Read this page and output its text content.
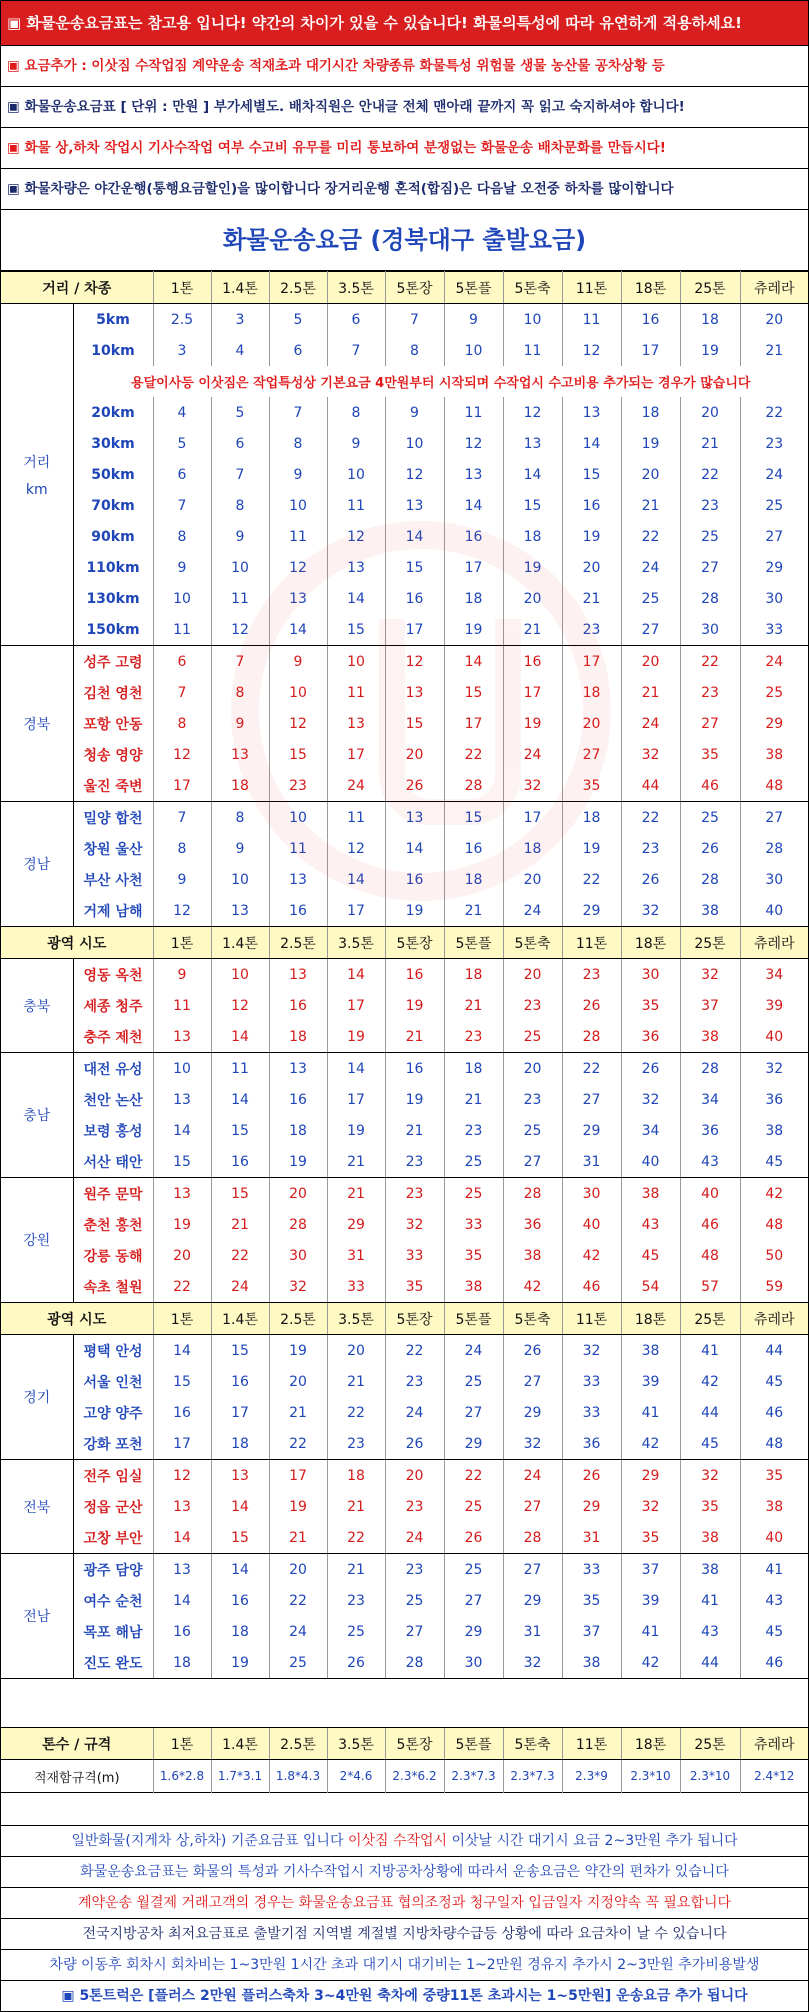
▣ 화물운송요금표는 참고용 입니다! 약간의 차이가 있을 수 있습니다! 화물의특성에 따라 유연하게 적용하세요!
▣ 요금추가 : 이삿짐 수작업짐 계약운송 적재초과 대기시간 차량종류 화물특성 위험물 생물 농산물 공차상황 등
▣ 화물운송요금표 [ 단위 : 만원 ] 부가세별도. 배차직원은 안내글 전체 맨아래 끝까지 꼭 읽고 숙지하셔야 합니다!
▣ 화물 상,하차 작업시 기사수작업 여부 수고비 유무를 미리 통보하여 분쟁없는 화물운송 배차문화를 만듭시다!
▣ 화물차량은 야간운행(통행요금할인)을 많이합니다 장거리운행 혼적(합짐)은 다음날 오전중 하차를 많이합니다
화물운송요금 (경북대구 출발요금)
거리 / 차종		1톤	1.4톤	2.5톤	3.5톤	5톤장	5톤플	5톤축	11톤	18톤	25톤	츄레라

거리
km	5km	2.5	3	5	6	7	9	10	11	16	18	20
	10km	3	4	6	7	8	10	11	12	17	19	21
	용달이사등 이삿짐은 작업특성상 기본요금 4만원부터 시작되며 수작업시 수고비용 추가되는 경우가 많습니다											
	20km	4	5	7	8	9	11	12	13	18	20	22
	30km	5	6	8	9	10	12	13	14	19	21	23
	50km	6	7	9	10	12	13	14	15	20	22	24
	70km	7	8	10	11	13	14	15	16	21	23	25
	90km	8	9	11	12	14	16	18	19	22	25	27
	110km	9	10	12	13	15	17	19	20	24	27	29
	130km	10	11	13	14	16	18	20	21	25	28	30
	150km	11	12	14	15	17	19	21	23	27	30	33
경북	성주 고령	6	7	9	10	12	14	16	17	20	22	24
	김천 영천	7	8	10	11	13	15	17	18	21	23	25
	포항 안동	8	9	12	13	15	17	19	20	24	27	29
	청송 영양	12	13	15	17	20	22	24	27	32	35	38
	울진 죽변	17	18	23	24	26	28	32	35	44	46	48
경남	밀양 합천	7	8	10	11	13	15	17	18	22	25	27
	창원 울산	8	9	11	12	14	16	18	19	23	26	28
	부산 사천	9	10	13	14	16	18	20	22	26	28	30
	거제 남해	12	13	16	17	19	21	24	29	32	38	40
광역 시도		1톤	1.4톤	2.5톤	3.5톤	5톤장	5톤플	5톤축	11톤	18톤	25톤	츄레라
충북	영동 옥천	9	10	13	14	16	18	20	23	30	32	34
	세종 청주	11	12	16	17	19	21	23	26	35	37	39
	충주 제천	13	14	18	19	21	23	25	28	36	38	40
충남	대전 유성	10	11	13	14	16	18	20	22	26	28	32
	천안 논산	13	14	16	17	19	21	23	27	32	34	36
	보령 홍성	14	15	18	19	21	23	25	29	34	36	38
	서산 태안	15	16	19	21	23	25	27	31	40	43	45
강원	원주 문막	13	15	20	21	23	25	28	30	38	40	42
	춘천 홍천	19	21	28	29	32	33	36	40	43	46	48
	강릉 동해	20	22	30	31	33	35	38	42	45	48	50
	속초 철원	22	24	32	33	35	38	42	46	54	57	59
광역 시도		1톤	1.4톤	2.5톤	3.5톤	5톤장	5톤플	5톤축	11톤	18톤	25톤	츄레라
경기	평택 안성	14	15	19	20	22	24	26	32	38	41	44
	서울 인천	15	16	20	21	23	25	27	33	39	42	45
	고양 양주	16	17	21	22	24	27	29	33	41	44	46
	강화 포천	17	18	22	23	26	29	32	36	42	45	48
전북	전주 임실	12	13	17	18	20	22	24	26	29	32	35
	정읍 군산	13	14	19	21	23	25	27	29	32	35	38
	고창 부안	14	15	21	22	24	26	28	31	35	38	40
전남	광주 담양	13	14	20	21	23	25	27	33	37	38	41
	여수 순천	14	16	22	23	25	27	29	35	39	41	43
	목포 해남	16	18	24	25	27	29	31	37	41	43	45
	진도 완도	18	19	25	26	28	30	32	38	42	44	46

톤수 / 규격		1톤	1.4톤	2.5톤	3.5톤	5톤장	5톤플	5톤축	11톤	18톤	25톤	츄레라
적재함규격(m)		1.6*2.8	1.7*3.1	1.8*4.3	2*4.6	2.3*6.2	2.3*7.3	2.3*7.3	2.3*9	2.3*10	2.3*10	2.4*12

일반화물(지게차 상,하차) 기준요금표 입니다 이삿짐 수작업시 이삿날 시간 대기시 요금 2~3만원 추가 됩니다
화물운송요금표는 화물의 특성과 기사수작업시 지방공차상황에 따라서 운송요금은 약간의 편차가 있습니다
계약운송 월결제 거래고객의 경우는 화물운송요금표 협의조정과 청구일자 입금일자 지정약속 꼭 필요합니다
전국지방공차 최저요금표로 출발기점 지역별 계절별 지방차량수급등 상황에 따라 요금차이 날 수 있습니다
차량 이동후 회차시 회차비는 1~3만원 1시간 초과 대기시 대기비는 1~2만원 경유지 추가시 2~3만원 추가비용발생
▣ 5톤트럭은 [플러스 2만원 플러스축차 3~4만원 축차에 중량11톤 초과시는 1~5만원] 운송요금 추가 됩니다
